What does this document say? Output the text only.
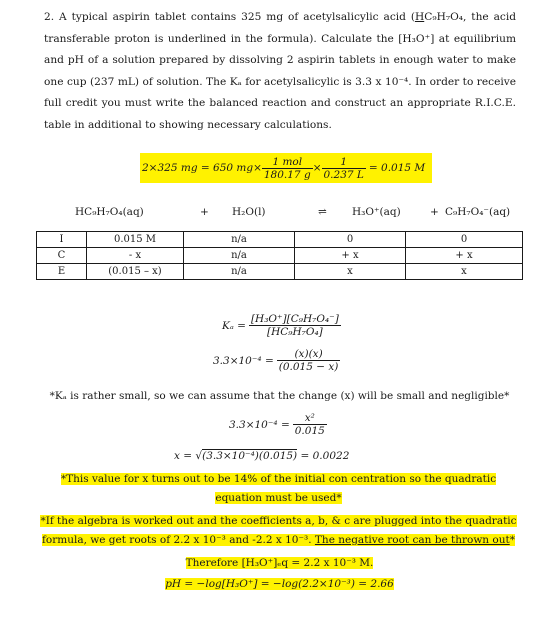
2. A typical aspirin tablet contains 325 mg of acetylsalicylic acid (HC₉H₇O₄, the acid transferable proton is underlined in the formula). Calculate the [H₃O⁺] at equilibrium and pH of a solution prepared by dissolving 2 aspirin tablets in enough water to make one cup (237 mL) of solution. The Kₐ for acetylsalicylic is 3.3 x 10⁻⁴. In order to receive full credit you must write the balanced reaction and construct an appropriate R.I.C.E. table in additional to showing necessary calculations.
2×325 mg = 650 $mg\times \frac{\text{1 mol}}{180.17 g} \times \frac{1}{0.237 L} = 0.015$ M
HC₉H₇O₄(aq)	+ H₂O(l)	⇌ H₃O⁺(aq)	+ C₉H₇O₄⁻(aq)
I	0.015 M	n/a	0	0
C	- x	n/a	+ x	+ x
E	(0.015 – x)	n/a	x	x
$K_a = \frac{\text{[H₃O⁺][C₉H₇O₄⁻]}}{\text{[HC₉H₇O₄]}}$
$3.3\times 10^{-4} = \frac{(x)(x)}{(0.015 - x)}$
*Kₐ is rather small, so we can assume that the change (x) will be small and negligible*
$3.3\times 10^{-4} = \frac{\text{x²}}{0.015}$
x = √(3.3×10⁻⁴)(0.015) = 0.0022
*This value for x turns out to be 14% of the initial con centration so the quadratic equation must be used*
*If the algebra is worked out and the coefficients a, b, & c are plugged into the quadratic formula, we get roots of 2.2 x 10⁻³ and -2.2 x 10⁻³. The negative root can be thrown out*
Therefore [H₃O⁺]ₑq = 2.2 x 10⁻³ M.
pH = −log[H₃O⁺] = −log(2.2×10⁻³) = 2.66
